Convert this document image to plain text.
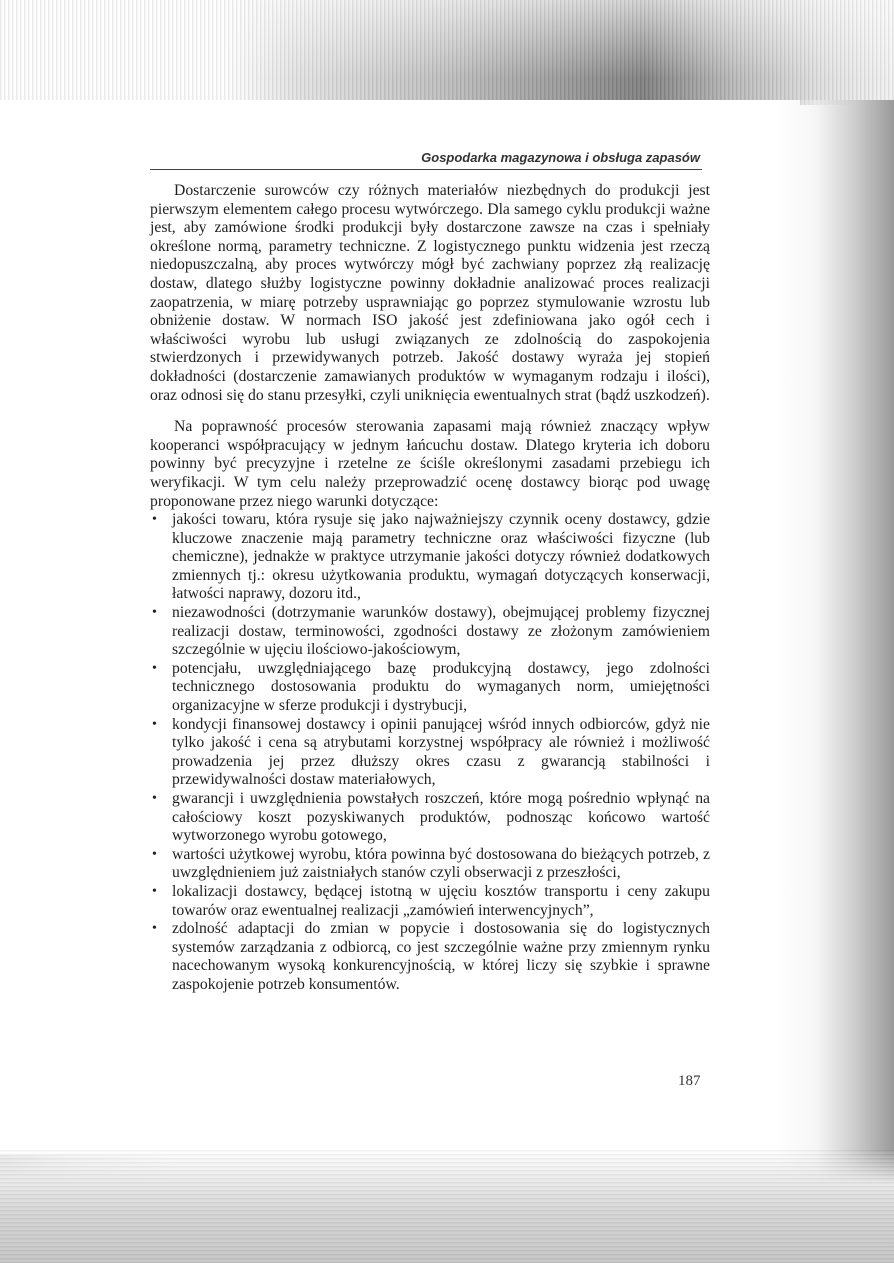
Gospodarka magazynowa i obsługa zapasów

Dostarczenie surowców czy różnych materiałów niezbędnych do produkcji jest pierwszym elementem całego procesu wytwórczego. Dla samego cyklu produkcji ważne jest, aby zamówione środki produkcji były dostarczone zawsze na czas i spełniały określone normą, parametry techniczne. Z logistycznego punktu widzenia jest rzeczą niedopuszczalną, aby proces wytwórczy mógł być zachwiany poprzez złą realizację dostaw, dlatego służby logistyczne powinny dokładnie analizować proces realizacji zaopatrzenia, w miarę potrzeby usprawniając go poprzez stymulowanie wzrostu lub obniżenie dostaw. W normach ISO jakość jest zdefiniowana jako ogół cech i właściwości wyrobu lub usługi związanych ze zdolnością do zaspokojenia stwierdzonych i przewidywanych potrzeb. Jakość dostawy wyraża jej stopień dokładności (dostarczenie zamawianych produktów w wymaganym rodzaju i ilości), oraz odnosi się do stanu przesyłki, czyli uniknięcia ewentualnych strat (bądź uszkodzeń).

Na poprawność procesów sterowania zapasami mają również znaczący wpływ kooperanci współpracujący w jednym łańcuchu dostaw. Dlatego kryteria ich doboru powinny być precyzyjne i rzetelne ze ściśle określonymi zasadami przebiegu ich weryfikacji. W tym celu należy przeprowadzić ocenę dostawcy biorąc pod uwagę proponowane przez niego warunki dotyczące:

• jakości towaru, która rysuje się jako najważniejszy czynnik oceny dostawcy, gdzie kluczowe znaczenie mają parametry techniczne oraz właściwości fizyczne (lub chemiczne), jednakże w praktyce utrzymanie jakości dotyczy również dodatkowych zmiennych tj.: okresu użytkowania produktu, wymagań dotyczących konserwacji, łatwości naprawy, dozoru itd.,
• niezawodności (dotrzymanie warunków dostawy), obejmującej problemy fizycznej realizacji dostaw, terminowości, zgodności dostawy ze złożonym zamówieniem szczególnie w ujęciu ilościowo-jakościowym,
• potencjału, uwzględniającego bazę produkcyjną dostawcy, jego zdolności technicznego dostosowania produktu do wymaganych norm, umiejętności organizacyjne w sferze produkcji i dystrybucji,
• kondycji finansowej dostawcy i opinii panującej wśród innych odbiorców, gdyż nie tylko jakość i cena są atrybutami korzystnej współpracy ale również i możliwość prowadzenia jej przez dłuższy okres czasu z gwarancją stabilności i przewidywalności dostaw materiałowych,
• gwarancji i uwzględnienia powstałych roszczeń, które mogą pośrednio wpłynąć na całościowy koszt pozyskiwanych produktów, podnosząc końcowo wartość wytworzonego wyrobu gotowego,
• wartości użytkowej wyrobu, która powinna być dostosowana do bieżących potrzeb, z uwzględnieniem już zaistniałych stanów czyli obserwacji z przeszłości,
• lokalizacji dostawcy, będącej istotną w ujęciu kosztów transportu i ceny zakupu towarów oraz ewentualnej realizacji „zamówień interwencyjnych”,
• zdolność adaptacji do zmian w popycie i dostosowania się do logistycznych systemów zarządzania z odbiorcą, co jest szczególnie ważne przy zmiennym rynku nacechowanym wysoką konkurencyjnością, w której liczy się szybkie i sprawne zaspokojenie potrzeb konsumentów.
187
